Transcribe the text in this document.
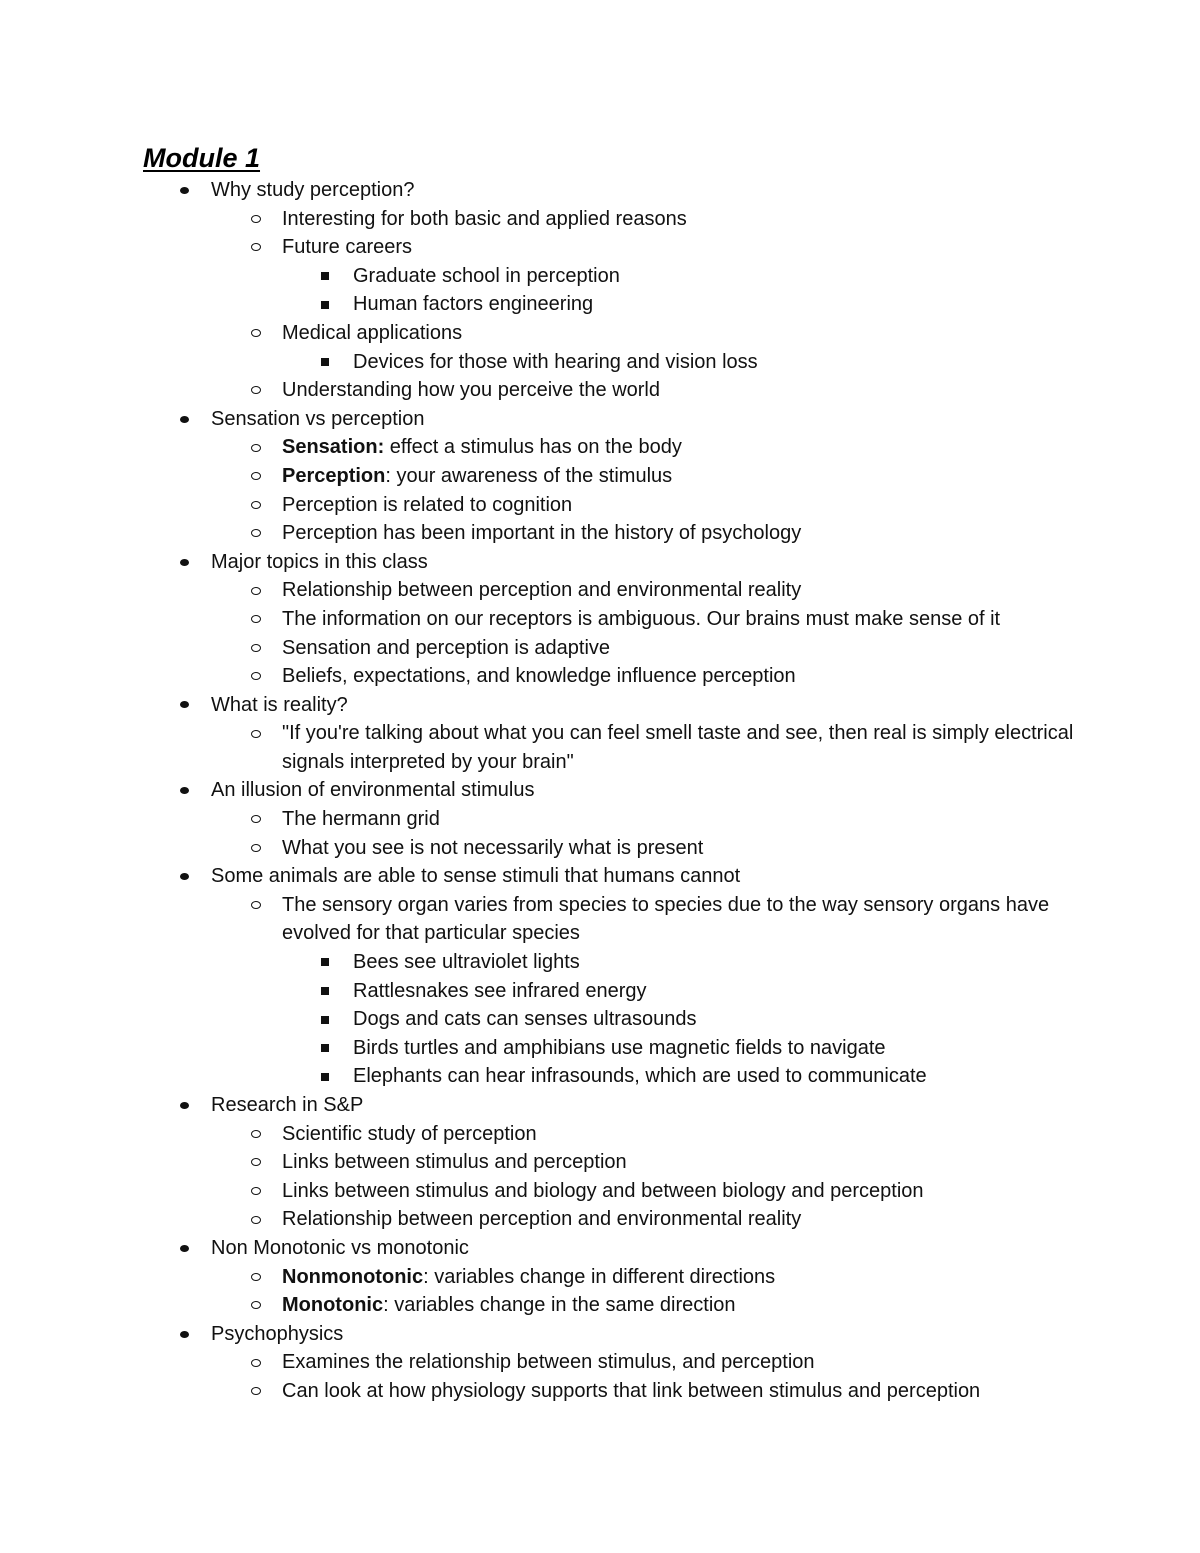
Module 1
Why study perception?
Interesting for both basic and applied reasons
Future careers
Graduate school in perception
Human factors engineering
Medical applications
Devices for those with hearing and vision loss
Understanding how you perceive the world
Sensation vs perception
Sensation: effect a stimulus has on the body
Perception: your awareness of the stimulus
Perception is related to cognition
Perception has been important in the history of psychology
Major topics in this class
Relationship between perception and environmental reality
The information on our receptors is ambiguous. Our brains must make sense of it
Sensation and perception is adaptive
Beliefs, expectations, and knowledge influence perception
What is reality?
"If you're talking about what you can feel smell taste and see, then real is simply electrical signals interpreted by your brain"
An illusion of environmental stimulus
The hermann grid
What you see is not necessarily what is present
Some animals are able to sense stimuli that humans cannot
The sensory organ varies from species to species due to the way sensory organs have evolved for that particular species
Bees see ultraviolet lights
Rattlesnakes see infrared energy
Dogs and cats can senses ultrasounds
Birds turtles and amphibians use magnetic fields to navigate
Elephants can hear infrasounds, which are used to communicate
Research in S&P
Scientific study of perception
Links between stimulus and perception
Links between stimulus and biology and between biology and perception
Relationship between perception and environmental reality
Non Monotonic vs monotonic
Nonmonotonic: variables change in different directions
Monotonic: variables change in the same direction
Psychophysics
Examines the relationship between stimulus, and perception
Can look at how physiology supports that link between stimulus and perception
